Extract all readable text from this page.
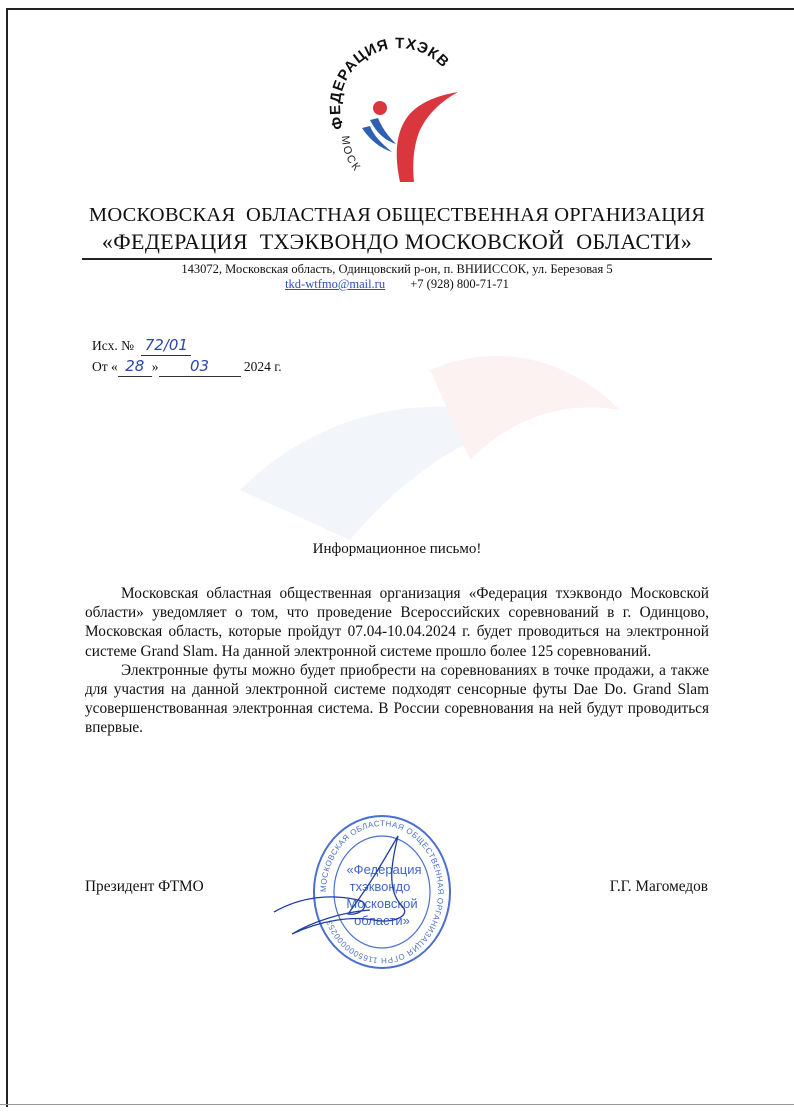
ФЕДЕРАЦИЯ ТХЭКВ
МОСК
МОСКОВСКАЯ  ОБЛАСТНАЯ ОБЩЕСТВЕННАЯ ОРГАНИЗАЦИЯ
«ФЕДЕРАЦИЯ  ТХЭКВОНДО МОСКОВСКОЙ  ОБЛАСТИ»
143072, Московская область, Одинцовский р-он, п. ВНИИССОК, ул. Березовая 5
tkd-wtfmo@mail.ru +7 (928) 800-71-71
Исх. № 72/01
От « 28 » 03	2024 г.
Информационное письмо!

Московская областная общественная организация «Федерация тхэквондо Московской области» уведомляет о том, что проведение Всероссийских соревнований в г. Одинцово, Московская область, которые пройдут 07.04-10.04.2024 г. будет проводиться на электронной системе Grand Slam. На данной электронной системе прошло более 125 соревнований.

Электронные футы можно будет приобрести на соревнованиях в точке продажи, а также для участия на данной электронной системе подходят сенсорные футы Dae Do. Grand Slam усовершенствованная электронная система. В России соревнования на ней будут проводиться впервые.

Президент ФТМО	Г.Г. Магомедов
МОСКОВСКАЯ ОБЛАСТНАЯ ОБЩЕСТВЕННАЯ ОРГАНИЗАЦИЯ ОГРН 1165000000253
«Федерация
тхэквондо
Московской
области»
